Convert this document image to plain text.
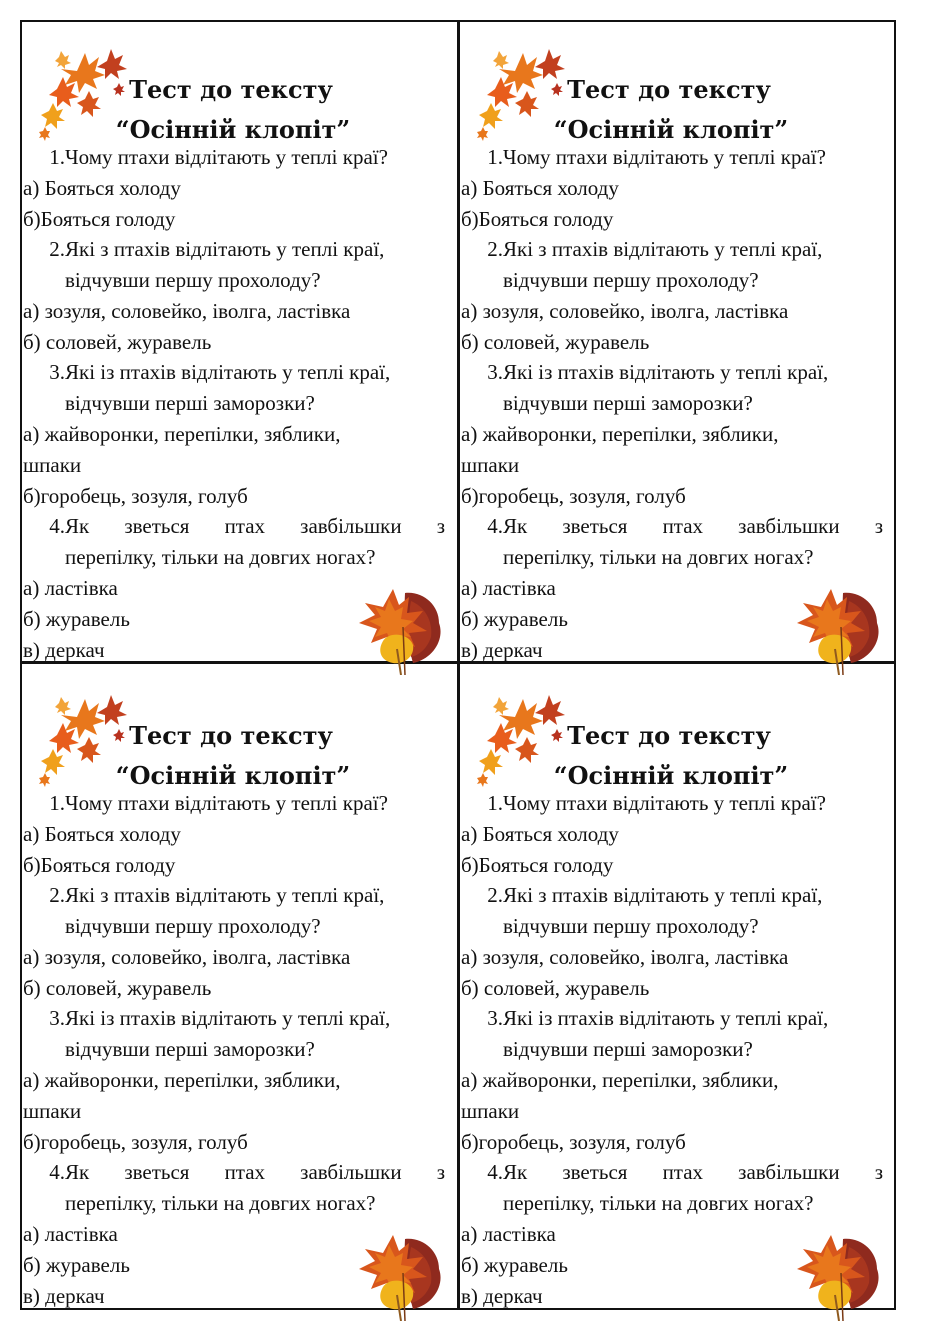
Тест до тексту
“Осінній клопіт”
1. Чому птахи відлітають у теплі краї?
а) Бояться холоду
б)Бояться голоду
2. Які з птахів відлітають у теплі краї,
відчувши першу прохолоду?
а) зозуля, соловейко, іволга, ластівка
б) соловей, журавель
3. Які із птахів відлітають у теплі краї,
відчувши перші заморозки?
а) жайворонки, перепілки, зяблики,
шпаки
б)горобець, зозуля, голуб
4. Як зветься птах завбільшки з
перепілку, тільки на довгих ногах?
а) ластівка
б) журавель
в) деркач
Тест до тексту
“Осінній клопіт”
1. Чому птахи відлітають у теплі краї?
а) Бояться холоду
б)Бояться голоду
2. Які з птахів відлітають у теплі краї,
відчувши першу прохолоду?
а) зозуля, соловейко, іволга, ластівка
б) соловей, журавель
3. Які із птахів відлітають у теплі краї,
відчувши перші заморозки?
а) жайворонки, перепілки, зяблики,
шпаки
б)горобець, зозуля, голуб
4. Як зветься птах завбільшки з
перепілку, тільки на довгих ногах?
а) ластівка
б) журавель
в) деркач
Тест до тексту
“Осінній клопіт”
1. Чому птахи відлітають у теплі краї?
а) Бояться холоду
б)Бояться голоду
2. Які з птахів відлітають у теплі краї,
відчувши першу прохолоду?
а) зозуля, соловейко, іволга, ластівка
б) соловей, журавель
3. Які із птахів відлітають у теплі краї,
відчувши перші заморозки?
а) жайворонки, перепілки, зяблики,
шпаки
б)горобець, зозуля, голуб
4. Як зветься птах завбільшки з
перепілку, тільки на довгих ногах?
а) ластівка
б) журавель
в) деркач
Тест до тексту
“Осінній клопіт”
1. Чому птахи відлітають у теплі краї?
а) Бояться холоду
б)Бояться голоду
2. Які з птахів відлітають у теплі краї,
відчувши першу прохолоду?
а) зозуля, соловейко, іволга, ластівка
б) соловей, журавель
3. Які із птахів відлітають у теплі краї,
відчувши перші заморозки?
а) жайворонки, перепілки, зяблики,
шпаки
б)горобець, зозуля, голуб
4. Як зветься птах завбільшки з
перепілку, тільки на довгих ногах?
а) ластівка
б) журавель
в) деркач
